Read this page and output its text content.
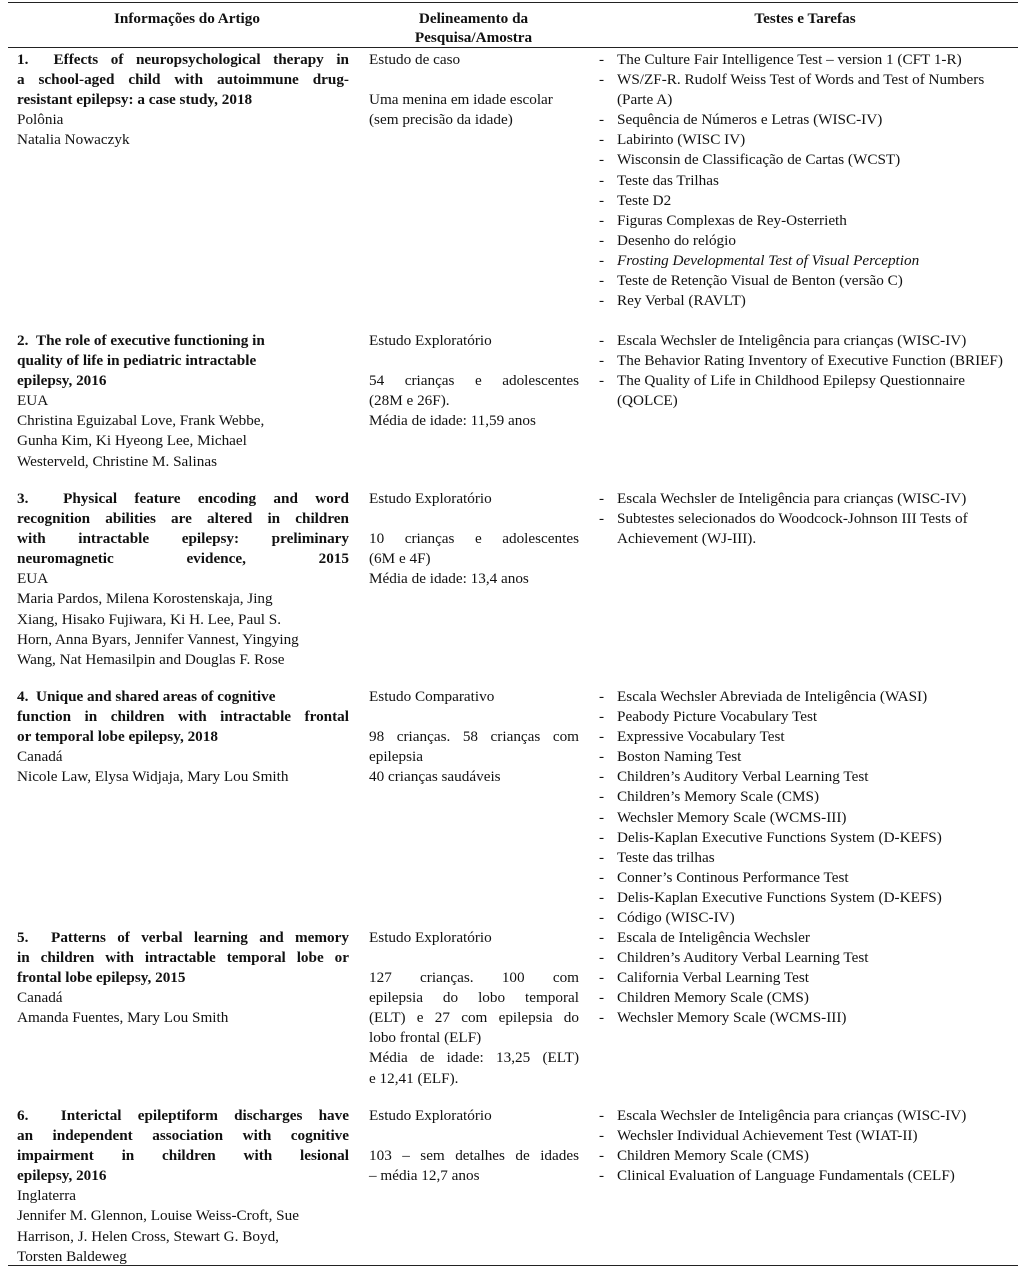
Informações do Artigo	Delineamento da
Pesquisa/Amostra
Testes e Tarefas
1.  Effects of neuropsychological therapy in
a school-aged child with autoimmune drug-
resistant epilepsy: a case study, 2018
Polônia
Natalia Nowaczyk
Estudo de caso
Uma menina em idade escolar
(sem precisão da idade)
- The Culture Fair Intelligence Test – version 1 (CFT 1-R)
- WS/ZF-R. Rudolf Weiss Test of Words and Test of Numbers (Parte A)
- Sequência de Números e Letras (WISC-IV)
- Labirinto (WISC IV)
- Wisconsin de Classificação de Cartas (WCST)
- Teste das Trilhas
- Teste D2
- Figuras Complexas de Rey-Osterrieth
- Desenho do relógio
- Frosting Developmental Test of Visual Perception
- Teste de Retenção Visual de Benton (versão C)
- Rey Verbal (RAVLT)
2.  The role of executive functioning in
quality of life in pediatric intractable
epilepsy, 2016
EUA
Christina Eguizabal Love, Frank Webbe,
Gunha Kim, Ki Hyeong Lee, Michael
Westerveld, Christine M. Salinas
Estudo Exploratório
54 crianças e adolescentes
(28M e 26F).
Média de idade: 11,59 anos
- Escala Wechsler de Inteligência para crianças (WISC-IV)
- The Behavior Rating Inventory of Executive Function (BRIEF)
- The Quality of Life in Childhood Epilepsy Questionnaire (QOLCE)
3.  Physical feature encoding and word
recognition abilities are altered in children
with intractable epilepsy: preliminary
neuromagnetic evidence, 2015
EUA
Maria Pardos, Milena Korostenskaja, Jing
Xiang, Hisako Fujiwara, Ki H. Lee, Paul S.
Horn, Anna Byars, Jennifer Vannest, Yingying
Wang, Nat Hemasilpin and Douglas F. Rose
Estudo Exploratório
10 crianças e adolescentes
(6M e 4F)
Média de idade: 13,4 anos
- Escala Wechsler de Inteligência para crianças (WISC-IV)
- Subtestes selecionados do Woodcock-Johnson III Tests of Achievement (WJ-III).
4.  Unique and shared areas of cognitive
function in children with intractable frontal
or temporal lobe epilepsy, 2018
Canadá
Nicole Law, Elysa Widjaja, Mary Lou Smith
Estudo Comparativo
98 crianças. 58 crianças com
epilepsia
40 crianças saudáveis
- Escala Wechsler Abreviada de Inteligência (WASI)
- Peabody Picture Vocabulary Test
- Expressive Vocabulary Test
- Boston Naming Test
- Children’s Auditory Verbal Learning Test
- Children’s Memory Scale (CMS)
- Wechsler Memory Scale (WCMS-III)
- Delis-Kaplan Executive Functions System (D-KEFS)
- Teste das trilhas
- Conner’s Continous Performance Test
- Delis-Kaplan Executive Functions System (D-KEFS)
- Código (WISC-IV)
5.  Patterns of verbal learning and memory
in children with intractable temporal lobe or
frontal lobe epilepsy, 2015
Canadá
Amanda Fuentes, Mary Lou Smith
Estudo Exploratório
127 crianças. 100 com
epilepsia do lobo temporal
(ELT) e 27 com epilepsia do
lobo frontal (ELF)
Média de idade: 13,25 (ELT)
e 12,41 (ELF).
- Escala de Inteligência Wechsler
- Children’s Auditory Verbal Learning Test
- California Verbal Learning Test
- Children Memory Scale (CMS)
- Wechsler Memory Scale (WCMS-III)
6.  Interictal epileptiform discharges have
an independent association with cognitive
impairment in children with lesional
epilepsy, 2016
Inglaterra
Jennifer M. Glennon, Louise Weiss-Croft, Sue
Harrison, J. Helen Cross, Stewart G. Boyd,
Torsten Baldeweg
Estudo Exploratório
103 – sem detalhes de idades
– média 12,7 anos
- Escala Wechsler de Inteligência para crianças (WISC-IV)
- Wechsler Individual Achievement Test (WIAT-II)
- Children Memory Scale (CMS)
- Clinical Evaluation of Language Fundamentals (CELF)
